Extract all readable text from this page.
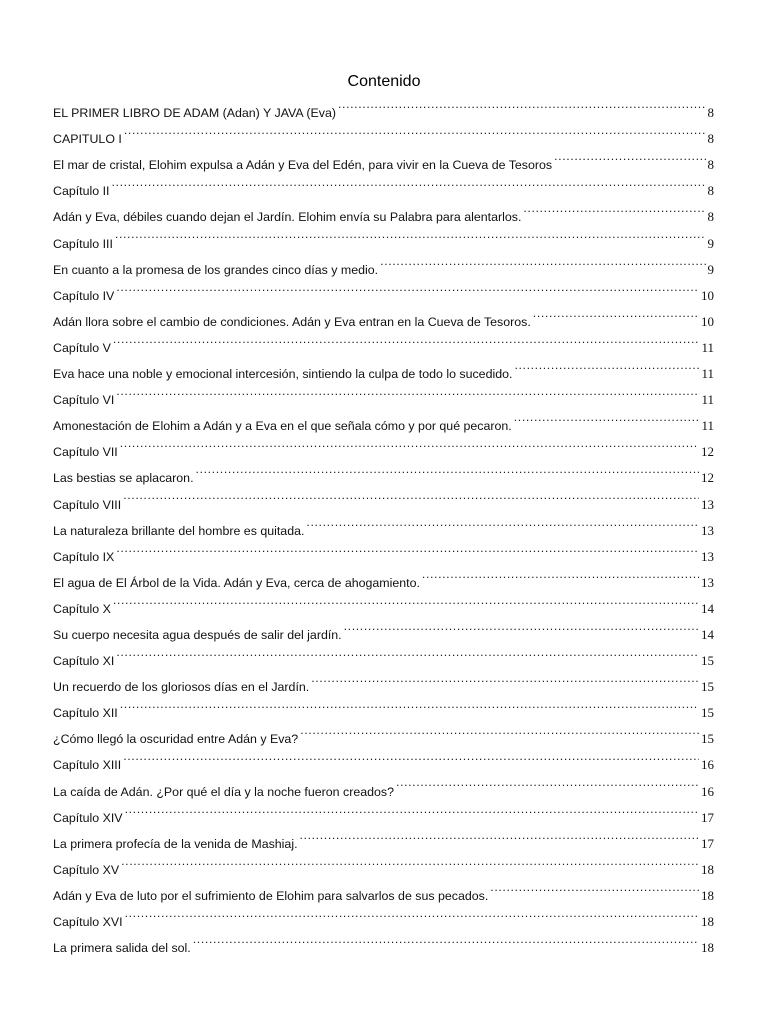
Contenido
EL PRIMER LIBRO DE ADAM (Adan) Y JAVA (Eva) .....	8
CAPITULO I .....	8
El mar de cristal, Elohim expulsa a Adán y Eva del Edén, para vivir en la Cueva de Tesoros .....	8
Capítulo II .....	8
Adán y Eva, débiles cuando dejan el Jardín. Elohim envía su Palabra para alentarlos. .....	8
Capítulo III .....	9
En cuanto a la promesa de los grandes cinco días y medio. .....	9
Capítulo IV .....	10
Adán llora sobre el cambio de condiciones. Adán y Eva entran en la Cueva de Tesoros. .....	10
Capítulo V .....	11
Eva hace una noble y emocional intercesión, sintiendo la culpa de todo lo sucedido. .....	11
Capítulo VI .....	11
Amonestación de Elohim a Adán y a Eva en el que señala cómo y por qué pecaron. .....	11
Capítulo VII .....	12
Las bestias se aplacaron. .....	12
Capítulo VIII .....	13
La naturaleza brillante del hombre es quitada. .....	13
Capítulo IX .....	13
El agua de El Árbol de la Vida. Adán y Eva, cerca de ahogamiento. .....	13
Capítulo X .....	14
Su cuerpo necesita agua después de salir del jardín. .....	14
Capítulo XI .....	15
Un recuerdo de los gloriosos días en el Jardín. .....	15
Capítulo XII .....	15
¿Cómo llegó la oscuridad entre Adán y Eva? .....	15
Capítulo XIII .....	16
La caída de Adán. ¿Por qué el día y la noche fueron creados? .....	16
Capítulo XIV .....	17
La primera profecía de la venida de Mashiaj. .....	17
Capítulo XV .....	18
Adán y Eva de luto por el sufrimiento de Elohim para salvarlos de sus pecados. .....	18
Capítulo XVI .....	18
La primera salida del sol. .....	18
